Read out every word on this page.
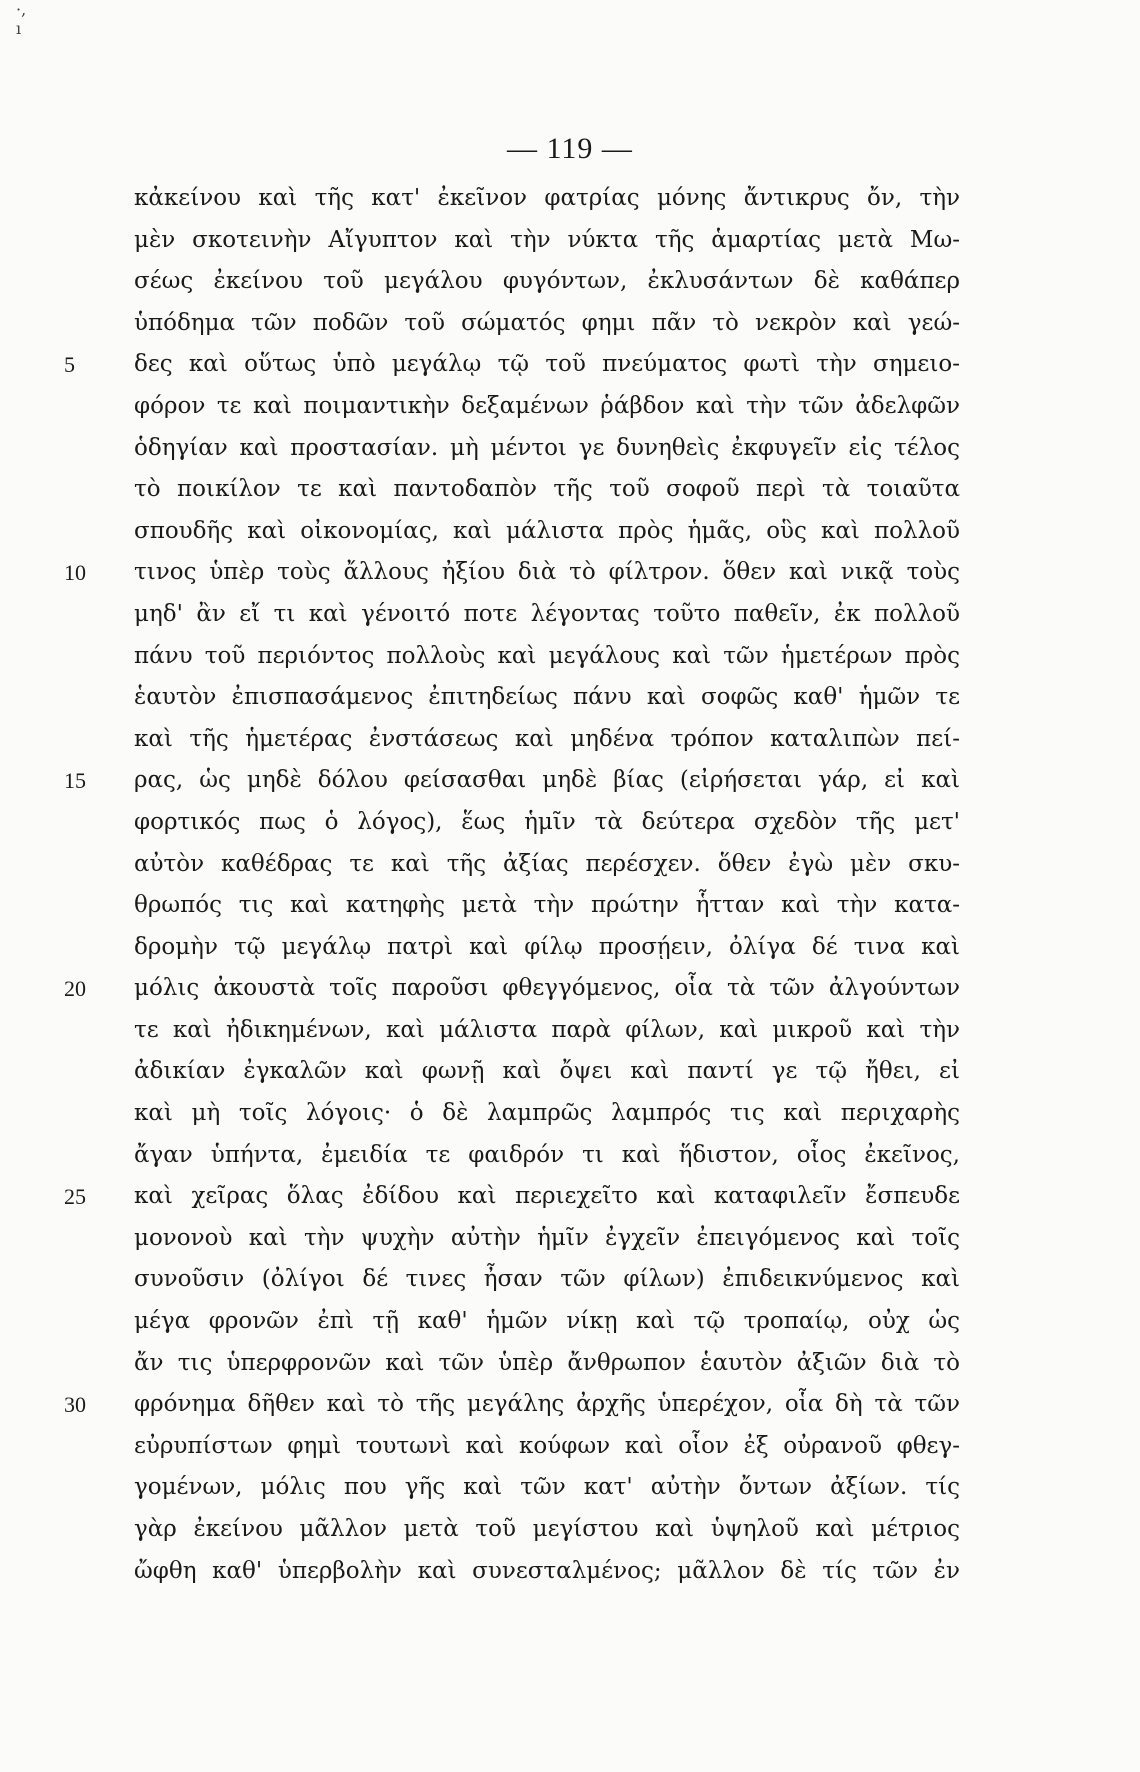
·,
ı
— 119 —
κἀκείνου καὶ τῆς κατ' ἐκεῖνον φατρίας μόνης ἄντικρυς ὄν, τὴν
μὲν σκοτεινὴν Αἴγυπτον καὶ τὴν νύκτα τῆς ἁμαρτίας μετὰ Μω-
σέως ἐκείνου τοῦ μεγάλου φυγόντων, ἐκλυσάντων δὲ καθάπερ
ὑπόδημα τῶν ποδῶν τοῦ σώματός φημι πᾶν τὸ νεκρὸν καὶ γεώ-
5	δες καὶ οὕτως ὑπὸ μεγάλῳ τῷ τοῦ πνεύματος φωτὶ τὴν σημειο-
φόρον τε καὶ ποιμαντικὴν δεξαμένων ῥάβδον καὶ τὴν τῶν ἀδελφῶν
ὁδηγίαν καὶ προστασίαν. μὴ μέντοι γε δυνηθεὶς ἐκφυγεῖν εἰς τέλος
τὸ ποικίλον τε καὶ παντοδαπὸν τῆς τοῦ σοφοῦ περὶ τὰ τοιαῦτα
σπουδῆς καὶ οἰκονομίας, καὶ μάλιστα πρὸς ἡμᾶς, οὓς καὶ πολλοῦ
10	τινος ὑπὲρ τοὺς ἄλλους ἠξίου διὰ τὸ φίλτρον. ὅθεν καὶ νικᾷ τοὺς
μηδ' ἂν εἴ τι καὶ γένοιτό ποτε λέγοντας τοῦτο παθεῖν, ἐκ πολλοῦ
πάνυ τοῦ περιόντος πολλοὺς καὶ μεγάλους καὶ τῶν ἡμετέρων πρὸς
ἑαυτὸν ἐπισπασάμενος ἐπιτηδείως πάνυ καὶ σοφῶς καθ' ἡμῶν τε
καὶ τῆς ἡμετέρας ἐνστάσεως καὶ μηδένα τρόπον καταλιπὼν πεί-
15	ρας, ὡς μηδὲ δόλου φείσασθαι μηδὲ βίας (εἰρήσεται γάρ, εἰ καὶ
φορτικός πως ὁ λόγος), ἕως ἡμῖν τὰ δεύτερα σχεδὸν τῆς μετ'
αὐτὸν καθέδρας τε καὶ τῆς ἀξίας περέσχεν. ὅθεν ἐγὼ μὲν σκυ-
θρωπός τις καὶ κατηφὴς μετὰ τὴν πρώτην ἧτταν καὶ τὴν κατα-
δρομὴν τῷ μεγάλῳ πατρὶ καὶ φίλῳ προσῄειν, ὀλίγα δέ τινα καὶ
20	μόλις ἀκουστὰ τοῖς παροῦσι φθεγγόμενος, οἷα τὰ τῶν ἀλγούντων
τε καὶ ἠδικημένων, καὶ μάλιστα παρὰ φίλων, καὶ μικροῦ καὶ τὴν
ἀδικίαν ἐγκαλῶν καὶ φωνῇ καὶ ὄψει καὶ παντί γε τῷ ἤθει, εἰ
καὶ μὴ τοῖς λόγοις· ὁ δὲ λαμπρῶς λαμπρός τις καὶ περιχαρὴς
ἄγαν ὑπήντα, ἐμειδία τε φαιδρόν τι καὶ ἥδιστον, οἷος ἐκεῖνος,
25	καὶ χεῖρας ὅλας ἐδίδου καὶ περιεχεῖτο καὶ καταφιλεῖν ἔσπευδε
μονονοὺ καὶ τὴν ψυχὴν αὐτὴν ἡμῖν ἐγχεῖν ἐπειγόμενος καὶ τοῖς
συνοῦσιν (ὀλίγοι δέ τινες ἦσαν τῶν φίλων) ἐπιδεικνύμενος καὶ
μέγα φρονῶν ἐπὶ τῇ καθ' ἡμῶν νίκῃ καὶ τῷ τροπαίῳ, οὐχ ὡς
ἄν τις ὑπερφρονῶν καὶ τῶν ὑπὲρ ἄνθρωπον ἑαυτὸν ἀξιῶν διὰ τὸ
30	φρόνημα δῆθεν καὶ τὸ τῆς μεγάλης ἀρχῆς ὑπερέχον, οἷα δὴ τὰ τῶν
εὐρυπίστων φημὶ τουτωνὶ καὶ κούφων καὶ οἷον ἐξ οὐρανοῦ φθεγ-
γομένων, μόλις που γῆς καὶ τῶν κατ' αὐτὴν ὄντων ἀξίων. τίς
γὰρ ἐκείνου μᾶλλον μετὰ τοῦ μεγίστου καὶ ὑψηλοῦ καὶ μέτριος
ὤφθη καθ' ὑπερβολὴν καὶ συνεσταλμένος; μᾶλλον δὲ τίς τῶν ἐν
